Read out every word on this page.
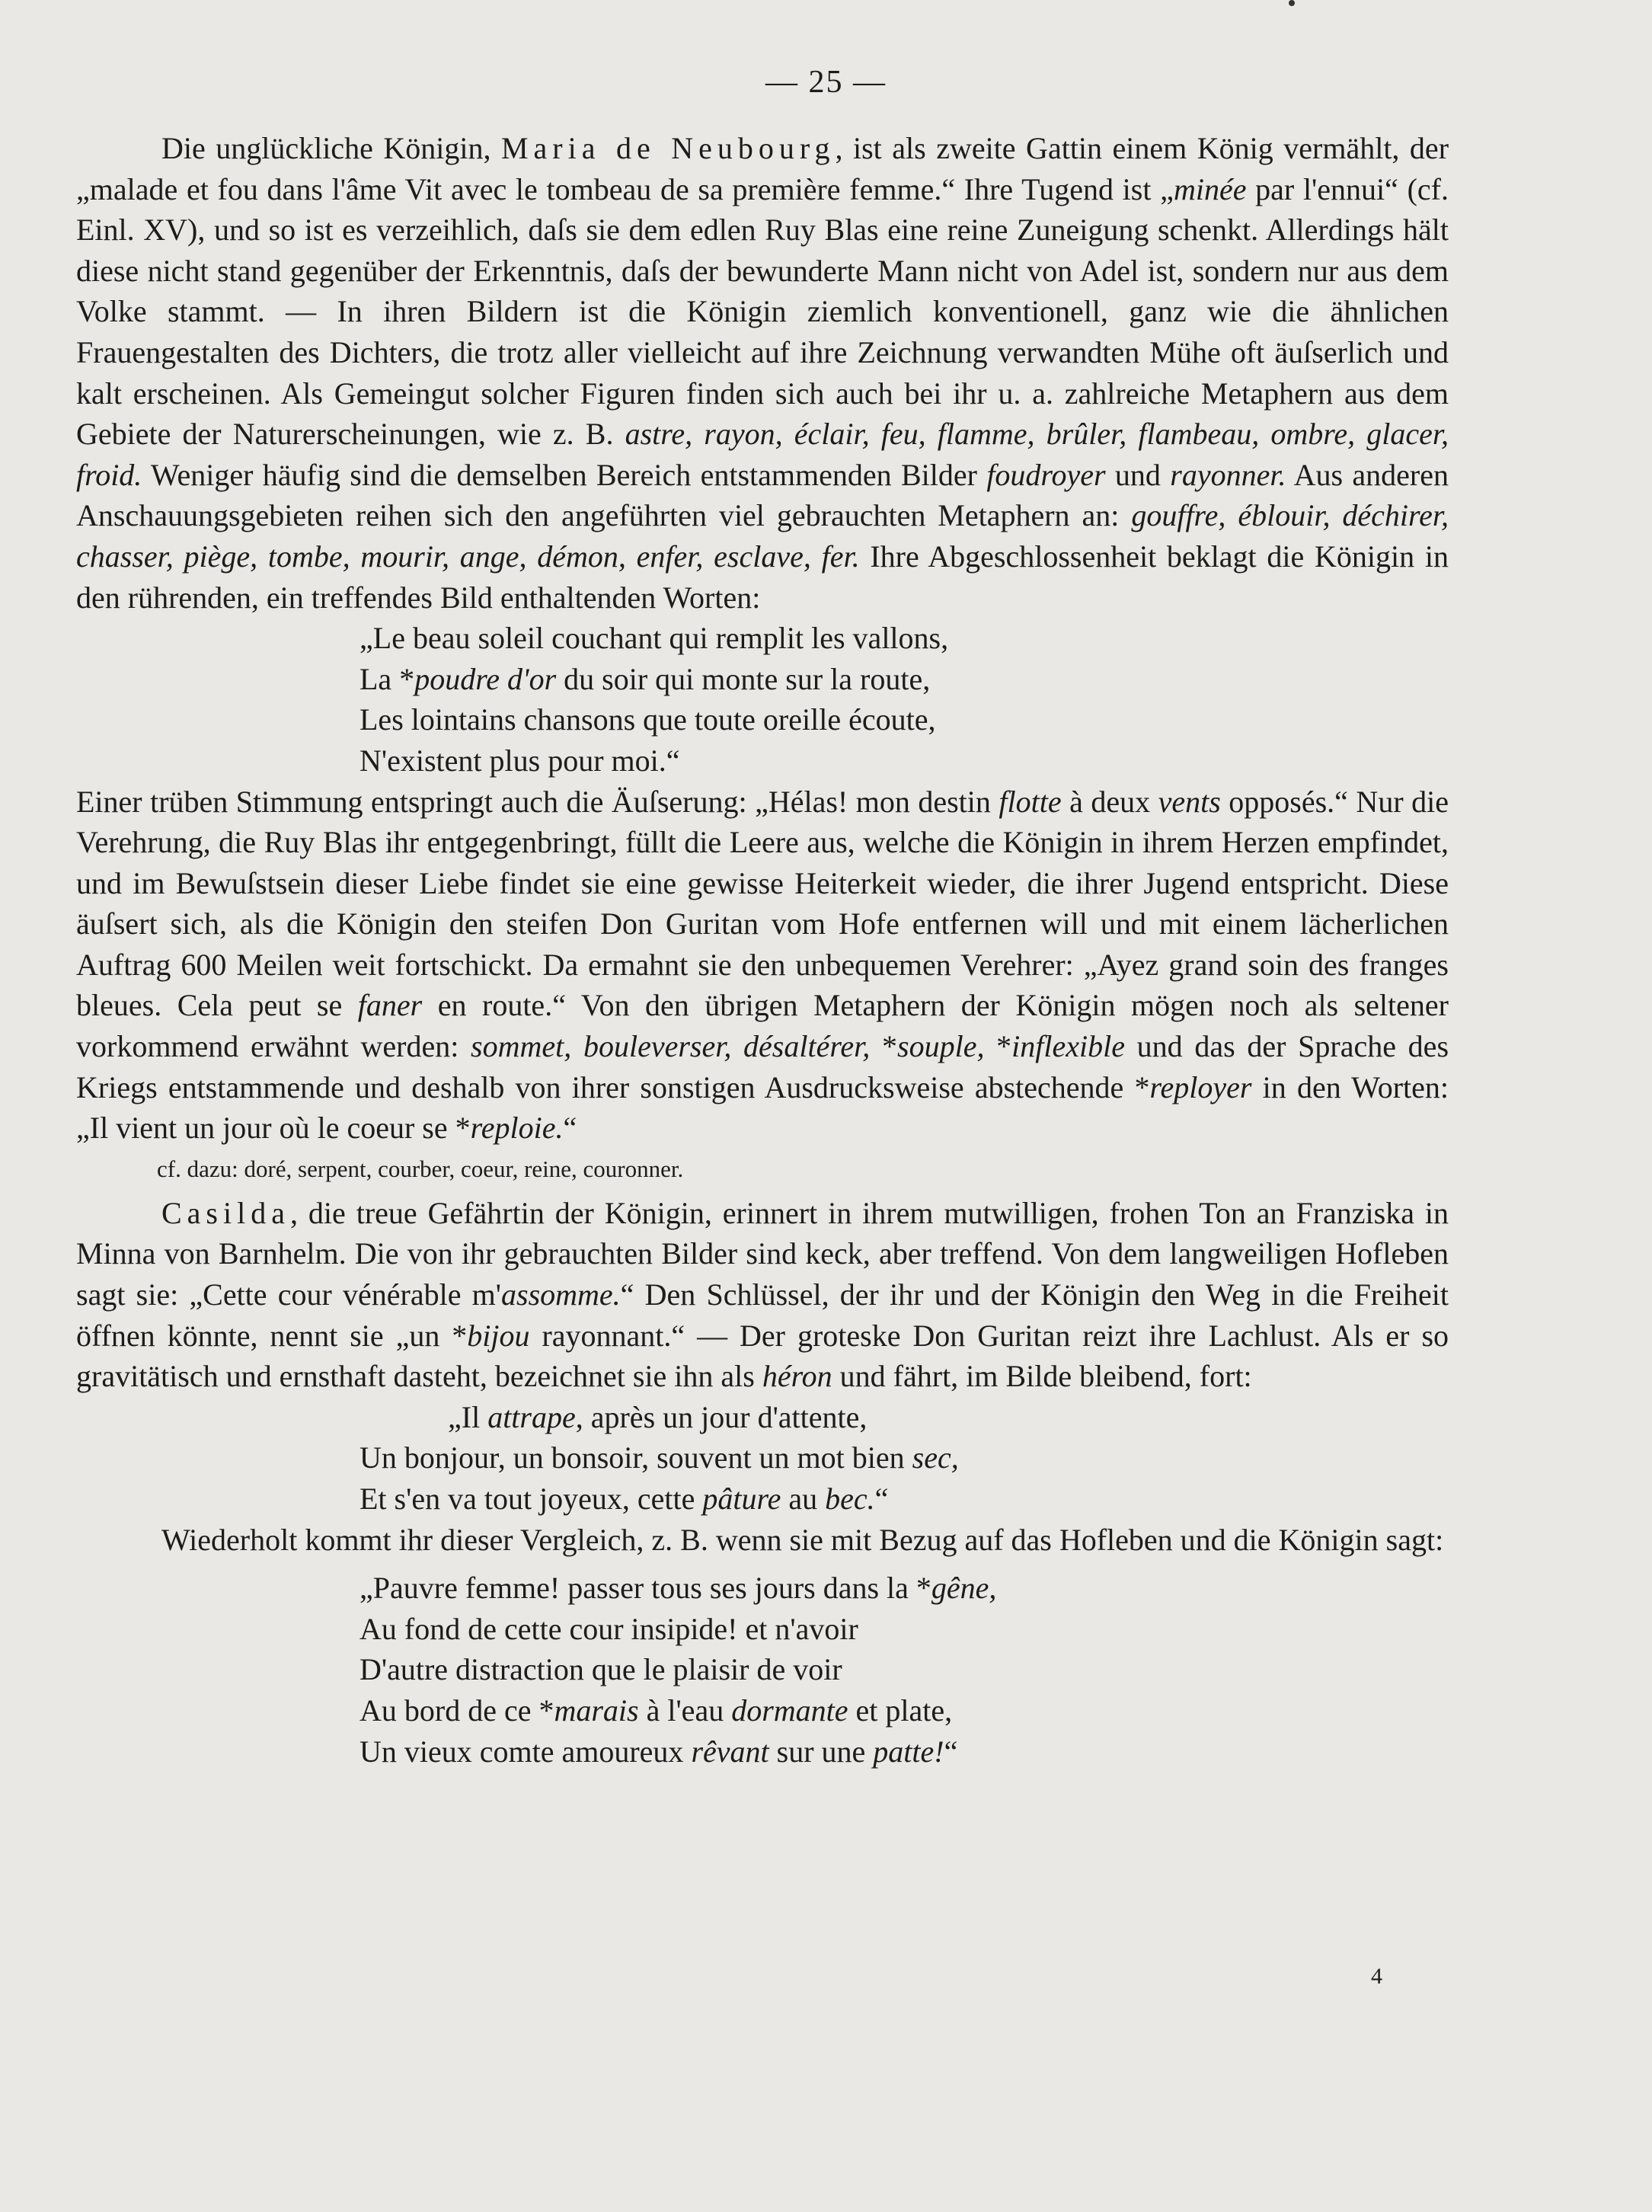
— 25 —

Die unglückliche Königin, Maria de Neubourg, ist als zweite Gattin einem König vermählt, der „malade et fou dans l'âme Vit avec le tombeau de sa première femme.“ Ihre Tugend ist „minée par l'ennui“ (cf. Einl. XV), und so ist es verzeihlich, daſs sie dem edlen Ruy Blas eine reine Zuneigung schenkt. Allerdings hält diese nicht stand gegenüber der Erkenntnis, daſs der bewunderte Mann nicht von Adel ist, sondern nur aus dem Volke stammt. — In ihren Bildern ist die Königin ziemlich konventionell, ganz wie die ähnlichen Frauengestalten des Dichters, die trotz aller vielleicht auf ihre Zeichnung verwandten Mühe oft äuſserlich und kalt erscheinen. Als Gemeingut solcher Figuren finden sich auch bei ihr u. a. zahlreiche Metaphern aus dem Gebiete der Naturerscheinungen, wie z. B. astre, rayon, éclair, feu, flamme, brûler, flambeau, ombre, glacer, froid. Weniger häufig sind die demselben Bereich entstammenden Bilder foudroyer und rayonner. Aus anderen Anschauungsgebieten reihen sich den angeführten viel gebrauchten Metaphern an: gouffre, éblouir, déchirer, chasser, piège, tombe, mourir, ange, démon, enfer, esclave, fer. Ihre Abgeschlossenheit beklagt die Königin in den rührenden, ein treffendes Bild enthaltenden Worten:

„Le beau soleil couchant qui remplit les vallons,
La *poudre d'or du soir qui monte sur la route,
Les lointains chansons que toute oreille écoute,
N'existent plus pour moi.“

Einer trüben Stimmung entspringt auch die Äuſserung: „Hélas! mon destin flotte à deux vents opposés.“ Nur die Verehrung, die Ruy Blas ihr entgegenbringt, füllt die Leere aus, welche die Königin in ihrem Herzen empfindet, und im Bewuſstsein dieser Liebe findet sie eine gewisse Heiterkeit wieder, die ihrer Jugend entspricht. Diese äuſsert sich, als die Königin den steifen Don Guritan vom Hofe entfernen will und mit einem lächerlichen Auftrag 600 Meilen weit fortschickt. Da ermahnt sie den unbequemen Verehrer: „Ayez grand soin des franges bleues. Cela peut se faner en route.“ Von den übrigen Metaphern der Königin mögen noch als seltener vorkommend erwähnt werden: sommet, bouleverser, désaltérer, *souple, *inflexible und das der Sprache des Kriegs entstammende und deshalb von ihrer sonstigen Ausdrucksweise abstechende *reployer in den Worten: „Il vient un jour où le coeur se *reploie.“

cf. dazu: doré, serpent, courber, coeur, reine, couronner.

Casilda, die treue Gefährtin der Königin, erinnert in ihrem mutwilligen, frohen Ton an Franziska in Minna von Barnhelm. Die von ihr gebrauchten Bilder sind keck, aber treffend. Von dem langweiligen Hofleben sagt sie: „Cette cour vénérable m'assomme.“ Den Schlüssel, der ihr und der Königin den Weg in die Freiheit öffnen könnte, nennt sie „un *bijou rayonnant.“ — Der groteske Don Guritan reizt ihre Lachlust. Als er so gravitätisch und ernsthaft dasteht, bezeichnet sie ihn als héron und fährt, im Bilde bleibend, fort:

„Il attrape, après un jour d'attente,
Un bonjour, un bonsoir, souvent un mot bien sec,
Et s'en va tout joyeux, cette pâture au bec.“

Wiederholt kommt ihr dieser Vergleich, z. B. wenn sie mit Bezug auf das Hofleben und die Königin sagt:

„Pauvre femme! passer tous ses jours dans la *gêne,
Au fond de cette cour insipide! et n'avoir
D'autre distraction que le plaisir de voir
Au bord de ce *marais à l'eau dormante et plate,
Un vieux comte amoureux rêvant sur une patte!“
4
